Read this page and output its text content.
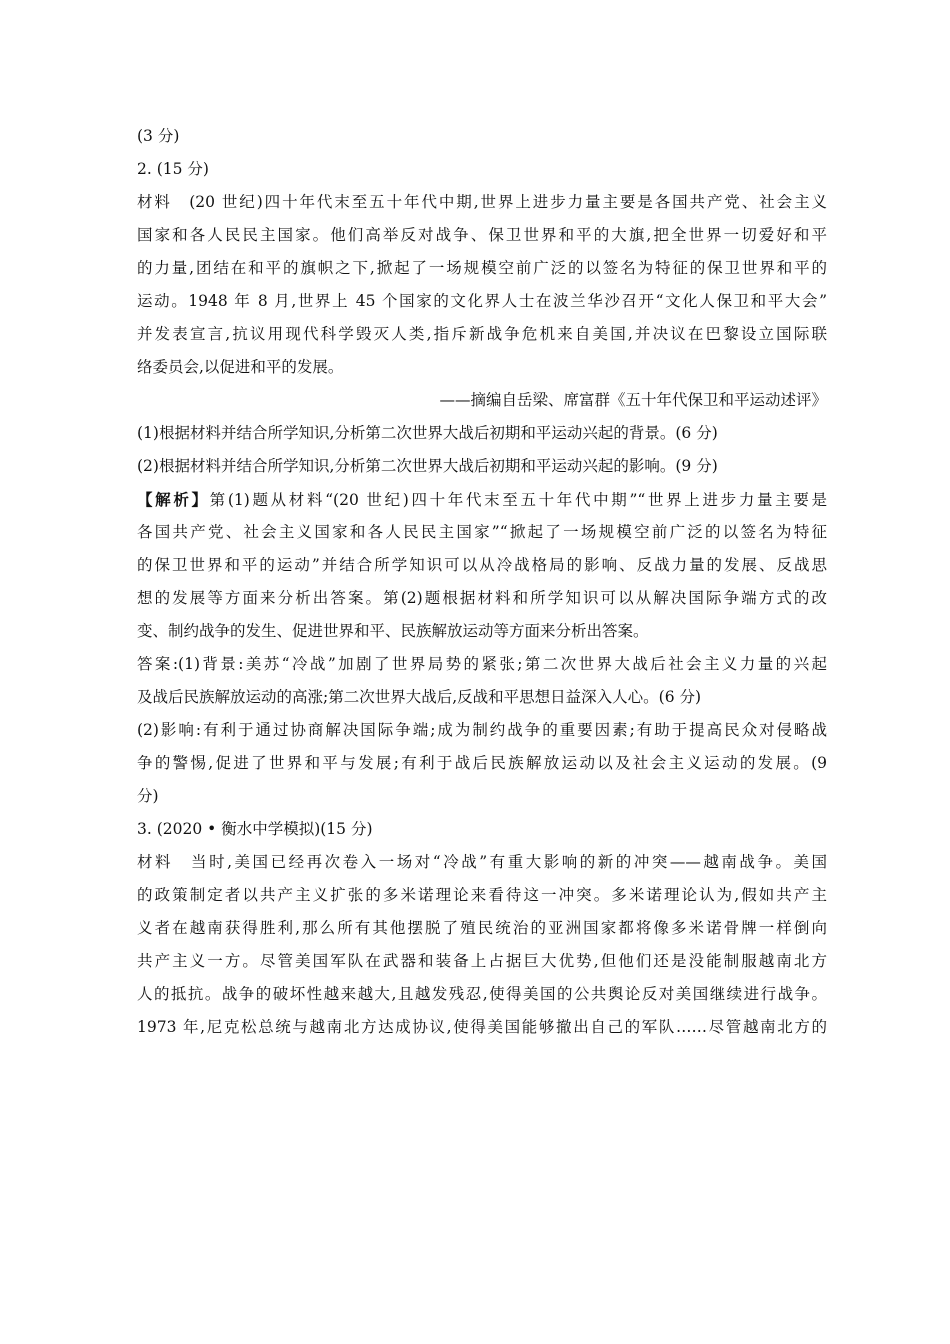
(3 分)
2. (15 分)
材料　(20 世纪)四十年代末至五十年代中期,世界上进步力量主要是各国共产党、社会主义
国家和各人民民主国家。他们高举反对战争、保卫世界和平的大旗,把全世界一切爱好和平
的力量,团结在和平的旗帜之下,掀起了一场规模空前广泛的以签名为特征的保卫世界和平的
运动。1948 年 8 月,世界上 45 个国家的文化界人士在波兰华沙召开“文化人保卫和平大会”
并发表宣言,抗议用现代科学毁灭人类,指斥新战争危机来自美国,并决议在巴黎设立国际联
络委员会,以促进和平的发展。
——摘编自岳梁、席富群《五十年代保卫和平运动述评》
(1)根据材料并结合所学知识,分析第二次世界大战后初期和平运动兴起的背景。(6 分)
(2)根据材料并结合所学知识,分析第二次世界大战后初期和平运动兴起的影响。(9 分)
【解析】第(1)题从材料“(20 世纪)四十年代末至五十年代中期”“世界上进步力量主要是
各国共产党、社会主义国家和各人民民主国家”“掀起了一场规模空前广泛的以签名为特征
的保卫世界和平的运动”并结合所学知识可以从冷战格局的影响、反战力量的发展、反战思
想的发展等方面来分析出答案。第(2)题根据材料和所学知识可以从解决国际争端方式的改
变、制约战争的发生、促进世界和平、民族解放运动等方面来分析出答案。
答案:(1)背景:美苏“冷战”加剧了世界局势的紧张;第二次世界大战后社会主义力量的兴起
及战后民族解放运动的高涨;第二次世界大战后,反战和平思想日益深入人心。(6 分)
(2)影响:有利于通过协商解决国际争端;成为制约战争的重要因素;有助于提高民众对侵略战
争的警惕,促进了世界和平与发展;有利于战后民族解放运动以及社会主义运动的发展。(9
分)
3. (2020 • 衡水中学模拟)(15 分)
材料　当时,美国已经再次卷入一场对“冷战”有重大影响的新的冲突——越南战争。美国
的政策制定者以共产主义扩张的多米诺理论来看待这一冲突。多米诺理论认为,假如共产主
义者在越南获得胜利,那么所有其他摆脱了殖民统治的亚洲国家都将像多米诺骨牌一样倒向
共产主义一方。尽管美国军队在武器和装备上占据巨大优势,但他们还是没能制服越南北方
人的抵抗。战争的破坏性越来越大,且越发残忍,使得美国的公共舆论反对美国继续进行战争。
1973 年,尼克松总统与越南北方达成协议,使得美国能够撤出自己的军队……尽管越南北方的
